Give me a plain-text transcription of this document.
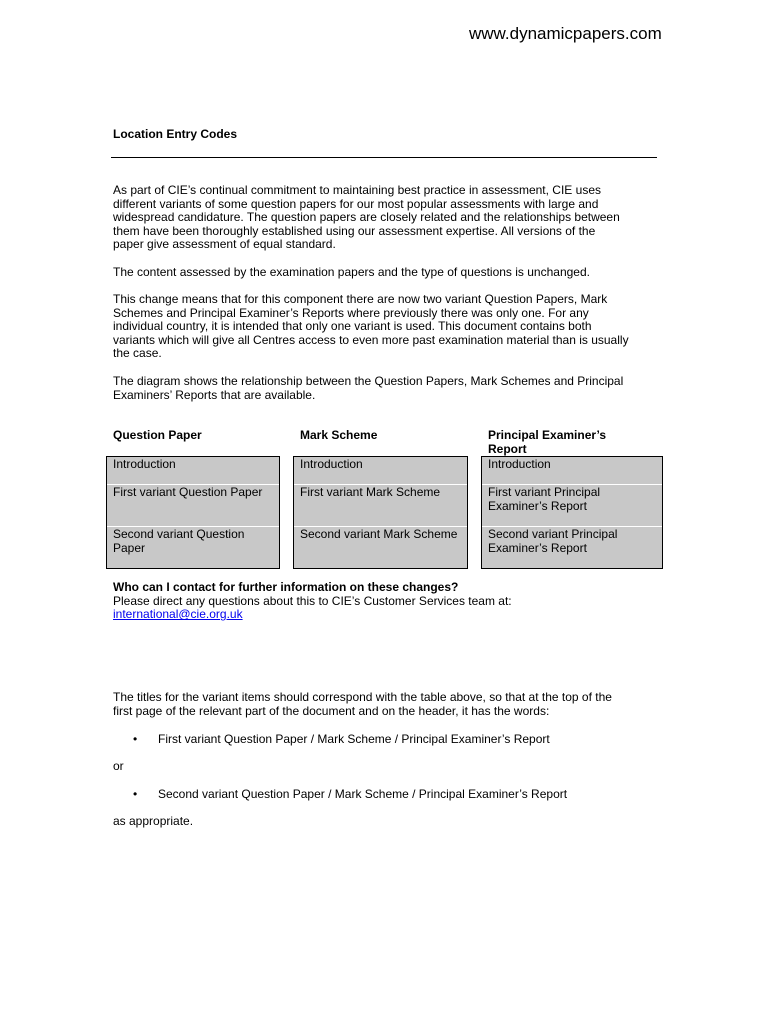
www.dynamicpapers.com
Location Entry Codes

As part of CIE’s continual commitment to maintaining best practice in assessment, CIE uses

different variants of some question papers for our most popular assessments with large and

widespread candidature. The question papers are closely related and the relationships between

them have been thoroughly established using our assessment expertise. All versions of the

paper give assessment of equal standard.

The content assessed by the examination papers and the type of questions is unchanged.

This change means that for this component there are now two variant Question Papers, Mark

Schemes and Principal Examiner’s Reports where previously there was only one. For any

individual country, it is intended that only one variant is used. This document contains both

variants which will give all Centres access to even more past examination material than is usually

the case.

The diagram shows the relationship between the Question Papers, Mark Schemes and Principal

Examiners’ Reports that are available.

Question Paper	Mark Scheme	Principal Examiner’s Report
Introduction
First variant Question Paper
Second variant Question Paper
Introduction
First variant Mark Scheme
Second variant Mark Scheme
Introduction
First variant Principal Examiner’s Report
Second variant Principal Examiner’s Report

Who can I contact for further information on these changes?

Please direct any questions about this to CIE’s Customer Services team at:

international@cie.org.uk

The titles for the variant items should correspond with the table above, so that at the top of the

first page of the relevant part of the document and on the header, it has the words:

• First variant Question Paper / Mark Scheme / Principal Examiner’s Report
or
• Second variant Question Paper / Mark Scheme / Principal Examiner’s Report
as appropriate.
